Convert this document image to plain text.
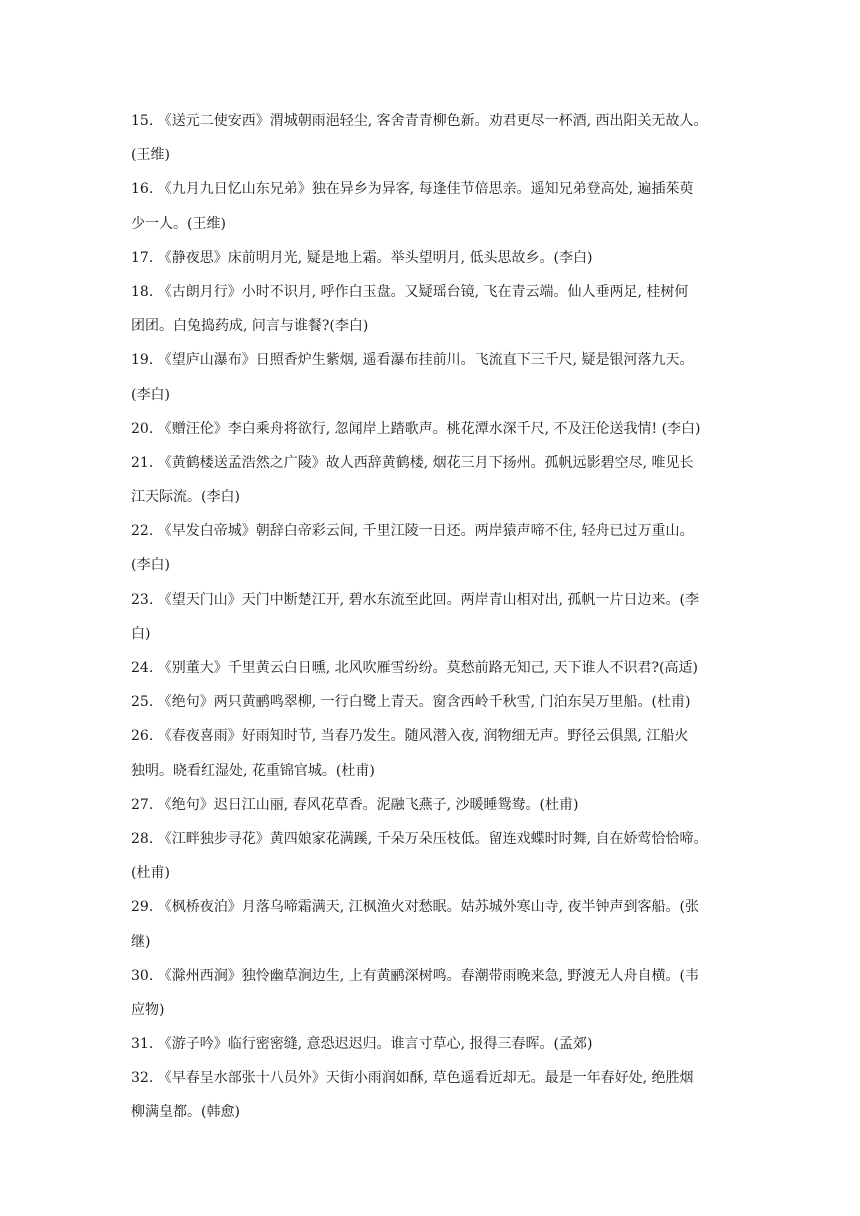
15. 《送元二使安西》渭城朝雨浥轻尘, 客舍青青柳色新。劝君更尽一杯酒, 西出阳关无故人。
(王维)
16. 《九月九日忆山东兄弟》独在异乡为异客, 每逢佳节倍思亲。遥知兄弟登高处, 遍插茱萸
少一人。(王维)
17. 《静夜思》床前明月光, 疑是地上霜。举头望明月, 低头思故乡。(李白)
18. 《古朗月行》小时不识月, 呼作白玉盘。又疑瑶台镜, 飞在青云端。仙人垂两足, 桂树何
团团。白兔捣药成, 问言与谁餐?(李白)
19. 《望庐山瀑布》日照香炉生紫烟, 遥看瀑布挂前川。飞流直下三千尺, 疑是银河落九天。
(李白)
20. 《赠汪伦》李白乘舟将欲行, 忽闻岸上踏歌声。桃花潭水深千尺, 不及汪伦送我情! (李白)
21. 《黄鹤楼送孟浩然之广陵》故人西辞黄鹤楼, 烟花三月下扬州。孤帆远影碧空尽, 唯见长
江天际流。(李白)
22. 《早发白帝城》朝辞白帝彩云间, 千里江陵一日还。两岸猿声啼不住, 轻舟已过万重山。
(李白)
23. 《望天门山》天门中断楚江开, 碧水东流至此回。两岸青山相对出, 孤帆一片日边来。(李
白)
24. 《别董大》千里黄云白日曛, 北风吹雁雪纷纷。莫愁前路无知己, 天下谁人不识君?(高适)
25. 《绝句》两只黄鹂鸣翠柳, 一行白鹭上青天。窗含西岭千秋雪, 门泊东吴万里船。(杜甫)
26. 《春夜喜雨》好雨知时节, 当春乃发生。随风潜入夜, 润物细无声。野径云俱黑, 江船火
独明。晓看红湿处, 花重锦官城。(杜甫)
27. 《绝句》迟日江山丽, 春风花草香。泥融飞燕子, 沙暖睡鸳鸯。(杜甫)
28. 《江畔独步寻花》黄四娘家花满蹊, 千朵万朵压枝低。留连戏蝶时时舞, 自在娇莺恰恰啼。
(杜甫)
29. 《枫桥夜泊》月落乌啼霜满天, 江枫渔火对愁眠。姑苏城外寒山寺, 夜半钟声到客船。(张
继)
30. 《滁州西涧》独怜幽草涧边生, 上有黄鹂深树鸣。春潮带雨晚来急, 野渡无人舟自横。(韦
应物)
31. 《游子吟》临行密密缝, 意恐迟迟归。谁言寸草心, 报得三春晖。(孟郊)
32. 《早春呈水部张十八员外》天街小雨润如酥, 草色遥看近却无。最是一年春好处, 绝胜烟
柳满皇都。(韩愈)
